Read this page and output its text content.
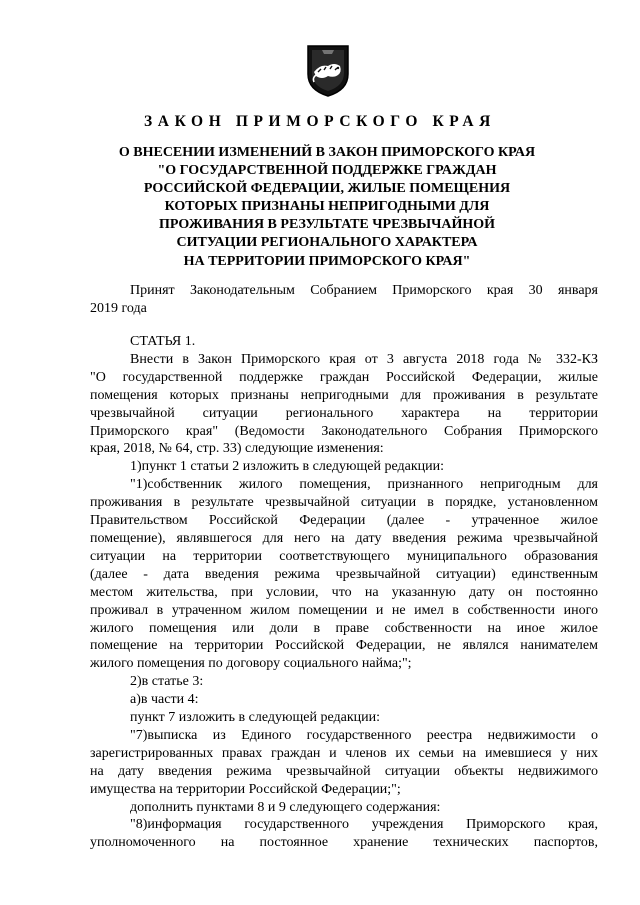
ЗАКОН ПРИМОРСКОГО КРАЯ
О ВНЕСЕНИИ ИЗМЕНЕНИЙ В ЗАКОН ПРИМОРСКОГО КРАЯ
"О ГОСУДАРСТВЕННОЙ ПОДДЕРЖКЕ ГРАЖДАН
РОССИЙСКОЙ ФЕДЕРАЦИИ, ЖИЛЫЕ ПОМЕЩЕНИЯ
КОТОРЫХ ПРИЗНАНЫ НЕПРИГОДНЫМИ ДЛЯ
ПРОЖИВАНИЯ В РЕЗУЛЬТАТЕ ЧРЕЗВЫЧАЙНОЙ
СИТУАЦИИ РЕГИОНАЛЬНОГО ХАРАКТЕРА
НА ТЕРРИТОРИИ ПРИМОРСКОГО КРАЯ"
Принят Законодательным Собранием Приморского края 30 января
2019 года
СТАТЬЯ 1.
Внести в Закон Приморского края от 3 августа 2018 года № 332-КЗ
"О государственной поддержке граждан Российской Федерации, жилые
помещения которых признаны непригодными для проживания в результате
чрезвычайной ситуации регионального характера на территории
Приморского края" (Ведомости Законодательного Собрания Приморского
края, 2018, № 64, стр. 33) следующие изменения:
1)пункт 1 статьи 2 изложить в следующей редакции:
"1)собственник жилого помещения, признанного непригодным для
проживания в результате чрезвычайной ситуации в порядке, установленном
Правительством Российской Федерации (далее - утраченное жилое
помещение), являвшегося для него на дату введения режима чрезвычайной
ситуации на территории соответствующего муниципального образования
(далее - дата введения режима чрезвычайной ситуации) единственным
местом жительства, при условии, что на указанную дату он постоянно
проживал в утраченном жилом помещении и не имел в собственности иного
жилого помещения или доли в праве собственности на иное жилое
помещение на территории Российской Федерации, не являлся нанимателем
жилого помещения по договору социального найма;";
2)в статье 3:
а)в части 4:
пункт 7 изложить в следующей редакции:
"7)выписка из Единого государственного реестра недвижимости о
зарегистрированных правах граждан и членов их семьи на имевшиеся у них
на дату введения режима чрезвычайной ситуации объекты недвижимого
имущества на территории Российской Федерации;";
дополнить пунктами 8 и 9 следующего содержания:
"8)информация государственного учреждения Приморского края,
уполномоченного на постоянное хранение технических паспортов,
